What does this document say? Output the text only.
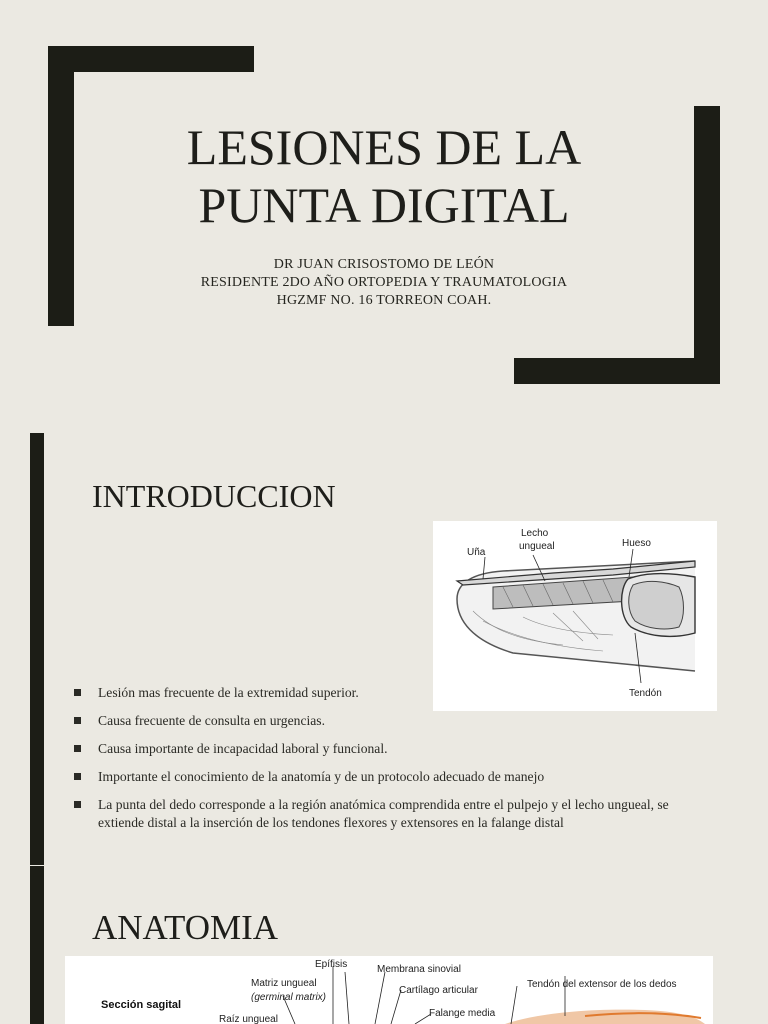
LESIONES DE LA
PUNTA DIGITAL
DR JUAN CRISOSTOMO DE LEÓN
RESIDENTE 2DO AÑO ORTOPEDIA Y TRAUMATOLOGIA
HGZMF NO. 16 TORREON COAH.
INTRODUCCION
Uña
Lecho
ungueal	Hueso
Tendón
Lesión mas frecuente de la extremidad superior.
Causa frecuente de consulta en urgencias.
Causa importante de incapacidad laboral y funcional.
Importante el conocimiento de la anatomía y de un protocolo adecuado de manejo
La punta del dedo corresponde a la región anatómica comprendida entre el pulpejo y el lecho ungueal, se extiende distal a la inserción de los tendones flexores y extensores en la falange distal
ANATOMIA
Sección sagital
Epífisis
Matriz ungueal
(germinal matrix)
Raíz ungueal
Membrana sinovial
Cartílago articular
Falange media
Tendón del extensor de los dedos
